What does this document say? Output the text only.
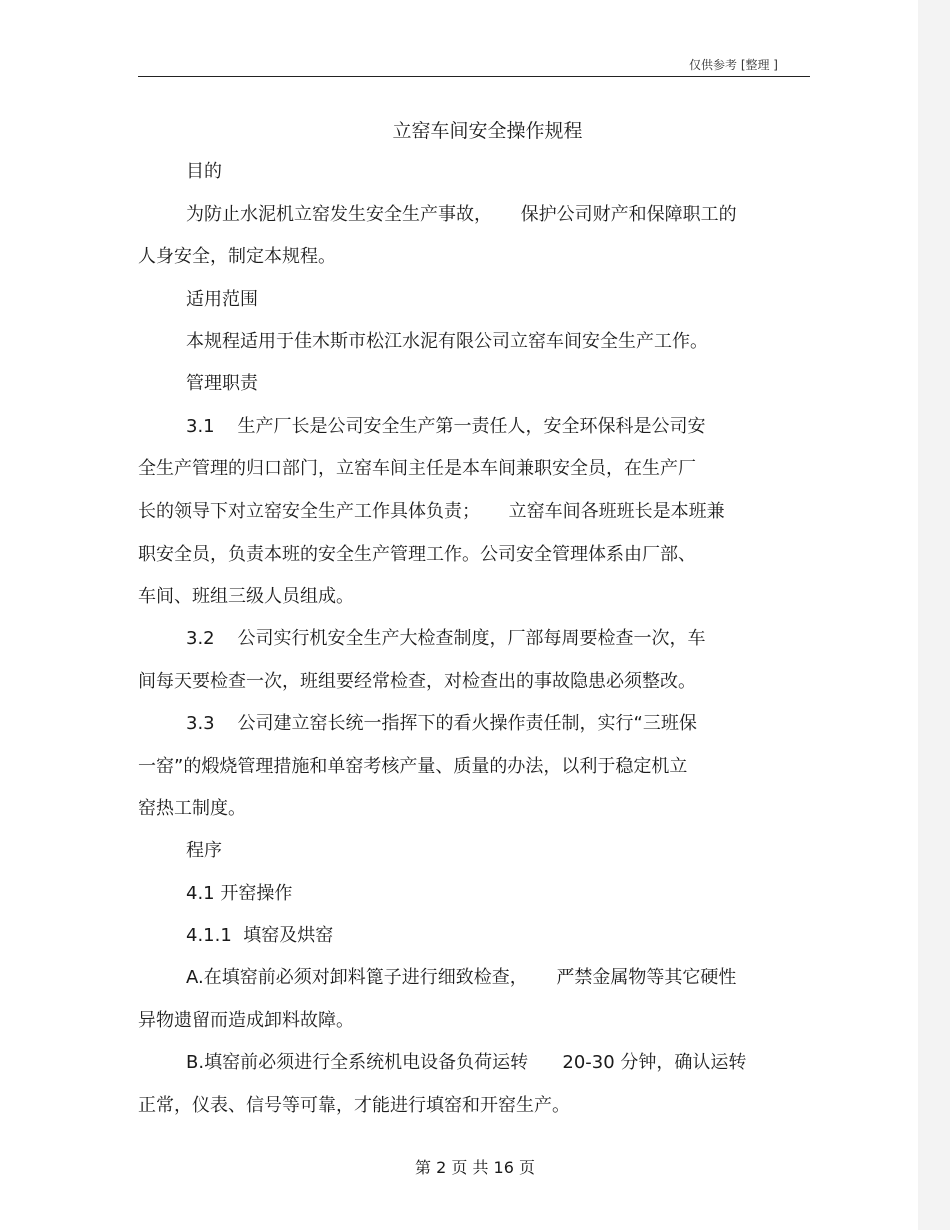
仅供参考 [整理 ]
立窑车间安全操作规程
目的
为防止水泥机立窑发生安全生产事故，     保护公司财产和保障职工的
人身安全，制定本规程。
适用范围
本规程适用于佳木斯市松江水泥有限公司立窑车间安全生产工作。
管理职责
3.1    生产厂长是公司安全生产第一责任人，安全环保科是公司安
全生产管理的归口部门，立窑车间主任是本车间兼职安全员，在生产厂
长的领导下对立窑安全生产工作具体负责；     立窑车间各班班长是本班兼
职安全员，负责本班的安全生产管理工作。公司安全管理体系由厂部、
车间、班组三级人员组成。
3.2    公司实行机安全生产大检查制度，厂部每周要检查一次，车
间每天要检查一次，班组要经常检查，对检查出的事故隐患必须整改。
3.3    公司建立窑长统一指挥下的看火操作责任制，实行“三班保
一窑”的煅烧管理措施和单窑考核产量、质量的办法，以利于稳定机立
窑热工制度。
程序
4.1 开窑操作
4.1.1  填窑及烘窑
A.在填窑前必须对卸料篦子进行细致检查，     严禁金属物等其它硬性
异物遗留而造成卸料故障。
B.填窑前必须进行全系统机电设备负荷运转      20-30 分钟，确认运转
正常，仪表、信号等可靠，才能进行填窑和开窑生产。
第 2 页 共 16 页
